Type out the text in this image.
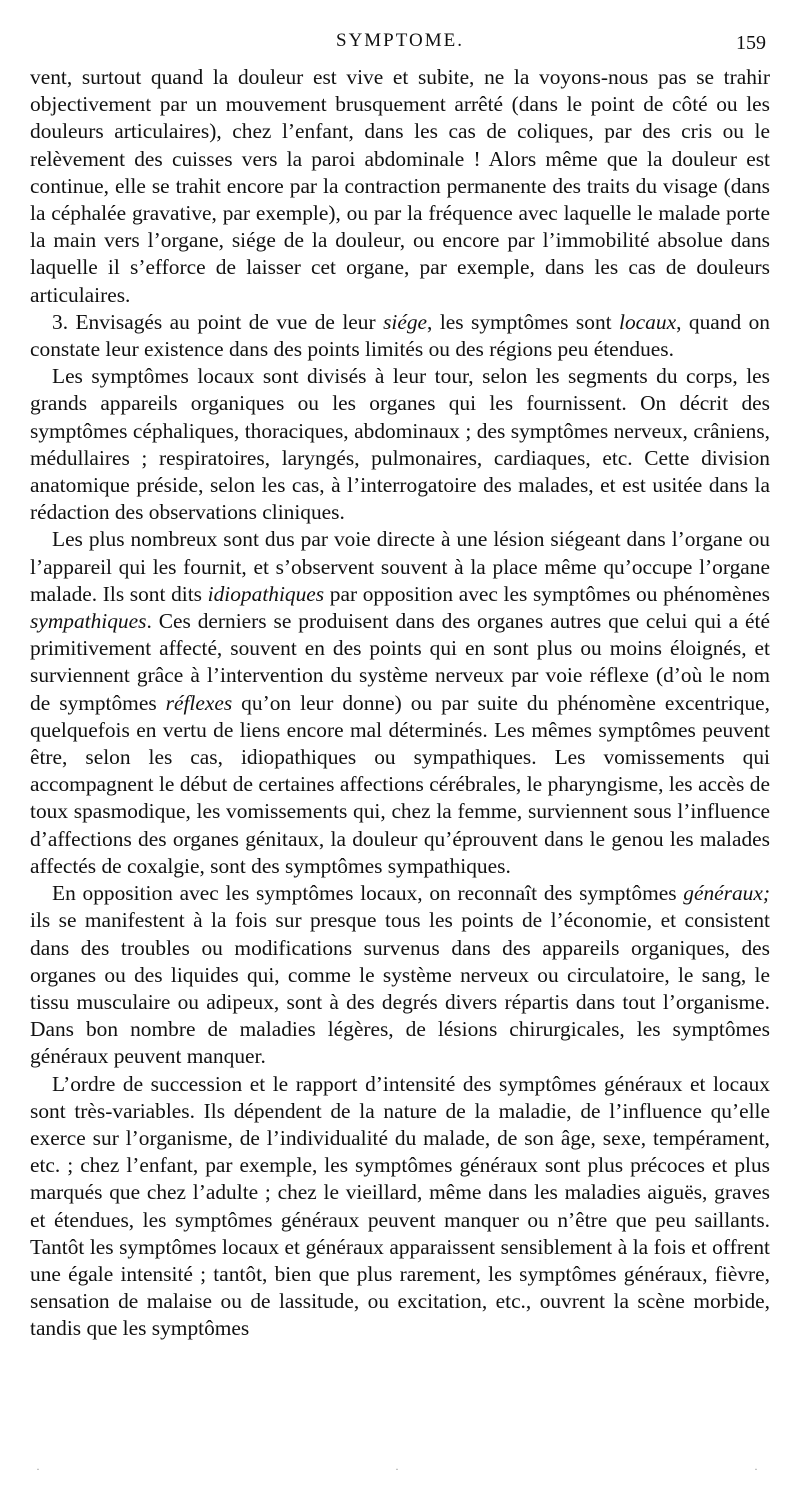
SYMPTOME.	159

vent, surtout quand la douleur est vive et subite, ne la voyons-nous pas se trahir objectivement par un mouvement brusquement arrêté (dans le point de côté ou les douleurs articulaires), chez l’enfant, dans les cas de coliques, par des cris ou le relèvement des cuisses vers la paroi abdominale ! Alors même que la douleur est continue, elle se trahit encore par la contraction permanente des traits du visage (dans la céphalée gravative, par exemple), ou par la fréquence avec laquelle le malade porte la main vers l’organe, siége de la douleur, ou encore par l’immobilité absolue dans laquelle il s’efforce de laisser cet organe, par exemple, dans les cas de douleurs articulaires.

3. Envisagés au point de vue de leur siége, les symptômes sont locaux, quand on constate leur existence dans des points limités ou des régions peu étendues.

Les symptômes locaux sont divisés à leur tour, selon les segments du corps, les grands appareils organiques ou les organes qui les fournissent. On décrit des symptômes céphaliques, thoraciques, abdominaux ; des symptômes nerveux, crâniens, médullaires ; respiratoires, laryngés, pulmonaires, cardiaques, etc. Cette division anatomique préside, selon les cas, à l’interrogatoire des malades, et est usitée dans la rédaction des observations cliniques.

Les plus nombreux sont dus par voie directe à une lésion siégeant dans l’organe ou l’appareil qui les fournit, et s’observent souvent à la place même qu’occupe l’organe malade. Ils sont dits idiopathiques par opposition avec les symptômes ou phénomènes sympathiques. Ces derniers se produisent dans des organes autres que celui qui a été primitivement affecté, souvent en des points qui en sont plus ou moins éloignés, et surviennent grâce à l’intervention du système nerveux par voie réflexe (d’où le nom de symptômes réflexes qu’on leur donne) ou par suite du phénomène excentrique, quelquefois en vertu de liens encore mal déterminés. Les mêmes symptômes peuvent être, selon les cas, idiopathiques ou sympathiques. Les vomissements qui accompagnent le début de certaines affections cérébrales, le pharyngisme, les accès de toux spasmodique, les vomissements qui, chez la femme, surviennent sous l’influence d’affections des organes génitaux, la douleur qu’éprouvent dans le genou les malades affectés de coxalgie, sont des symptômes sympathiques.

En opposition avec les symptômes locaux, on reconnaît des symptômes généraux; ils se manifestent à la fois sur presque tous les points de l’économie, et consistent dans des troubles ou modifications survenus dans des appareils organiques, des organes ou des liquides qui, comme le système nerveux ou circulatoire, le sang, le tissu musculaire ou adipeux, sont à des degrés divers répartis dans tout l’organisme. Dans bon nombre de maladies légères, de lésions chirurgicales, les symptômes généraux peuvent manquer.

L’ordre de succession et le rapport d’intensité des symptômes généraux et locaux sont très-variables. Ils dépendent de la nature de la maladie, de l’influence qu’elle exerce sur l’organisme, de l’individualité du malade, de son âge, sexe, tempérament, etc. ; chez l’enfant, par exemple, les symptômes généraux sont plus précoces et plus marqués que chez l’adulte ; chez le vieillard, même dans les maladies aiguës, graves et étendues, les symptômes généraux peuvent manquer ou n’être que peu saillants. Tantôt les symptômes locaux et généraux apparaissent sensiblement à la fois et offrent une égale intensité ; tantôt, bien que plus rarement, les symptômes généraux, fièvre, sensation de malaise ou de lassitude, ou excitation, etc., ouvrent la scène morbide, tandis que les symptômes

·	·	·
